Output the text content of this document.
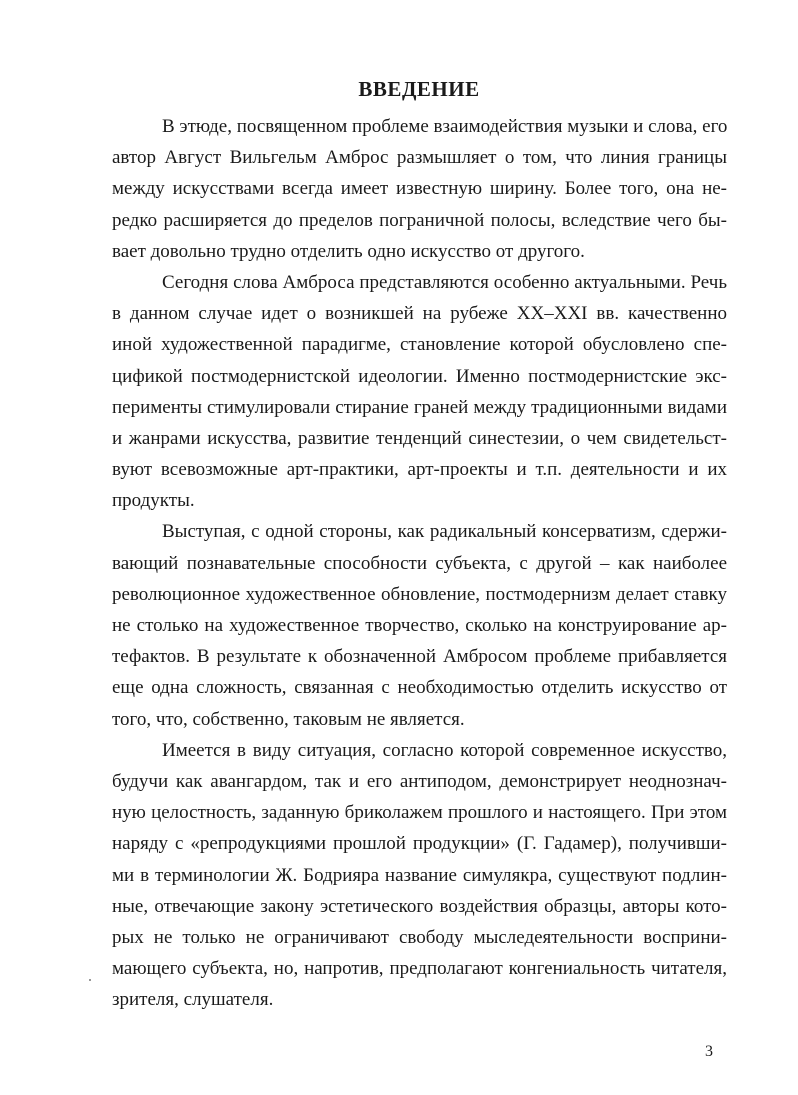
ВВЕДЕНИЕ
В этюде, посвященном проблеме взаимодействия музыки и слова, его
автор Август Вильгельм Амброс размышляет о том, что линия границы
между искусствами всегда имеет известную ширину. Более того, она не-
редко расширяется до пределов пограничной полосы, вследствие чего бы-
вает довольно трудно отделить одно искусство от другого.
Сегодня слова Амброса представляются особенно актуальными. Речь
в данном случае идет о возникшей на рубеже XX–XXI вв. качественно
иной художественной парадигме, становление которой обусловлено спе-
цификой постмодернистской идеологии. Именно постмодернистские экс-
перименты стимулировали стирание граней между традиционными видами
и жанрами искусства, развитие тенденций синестезии, о чем свидетельст-
вуют всевозможные арт-практики, арт-проекты и т.п. деятельности и их
продукты.
Выступая, с одной стороны, как радикальный консерватизм, сдержи-
вающий познавательные способности субъекта, с другой – как наиболее
революционное художественное обновление, постмодернизм делает ставку
не столько на художественное творчество, сколько на конструирование ар-
тефактов. В результате к обозначенной Амбросом проблеме прибавляется
еще одна сложность, связанная с необходимостью отделить искусство от
того, что, собственно, таковым не является.
Имеется в виду ситуация, согласно которой современное искусство,
будучи как авангардом, так и его антиподом, демонстрирует неоднознач-
ную целостность, заданную бриколажем прошлого и настоящего. При этом
наряду с «репродукциями прошлой продукции» (Г. Гадамер), получивши-
ми в терминологии Ж. Бодрияра название симулякра, существуют подлин-
ные, отвечающие закону эстетического воздействия образцы, авторы кото-
рых не только не ограничивают свободу мыследеятельности восприни-
мающего субъекта, но, напротив, предполагают конгениальность читателя,
зрителя, слушателя.

3
